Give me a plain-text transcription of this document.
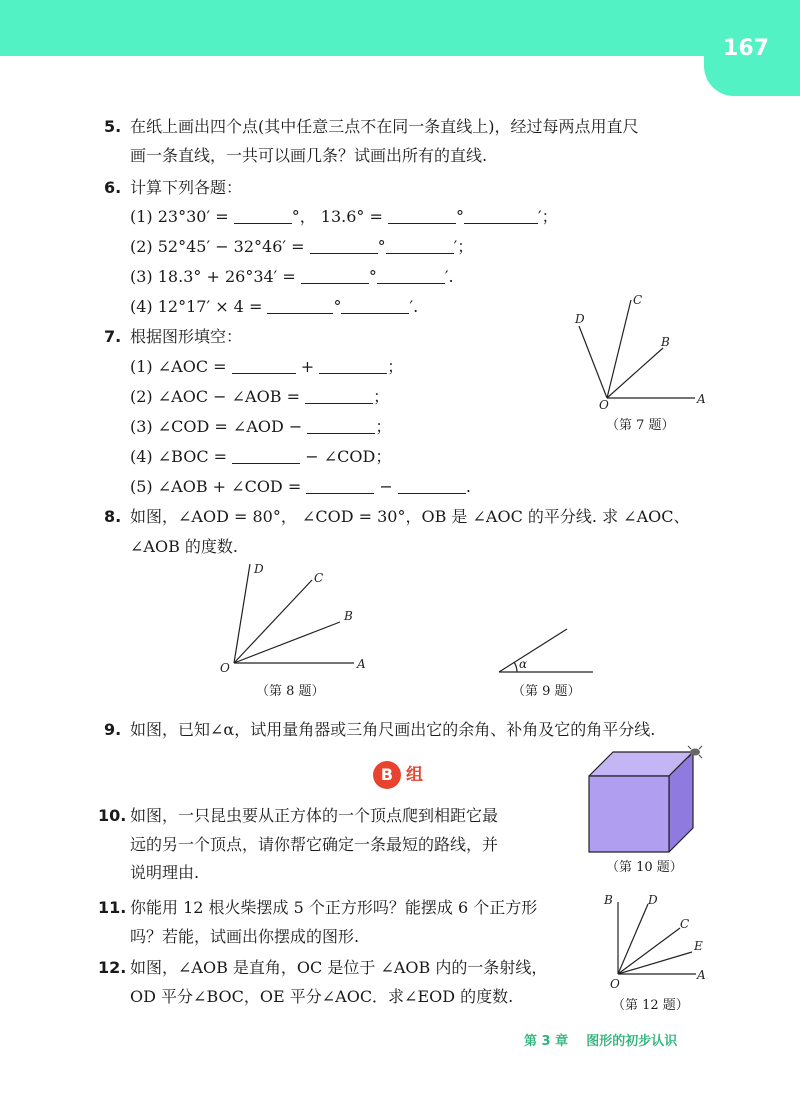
167
5. 在纸上画出四个点(其中任意三点不在同一条直线上)，经过每两点用直尺
画一条直线，一共可以画几条？试画出所有的直线.
6. 计算下列各题：
(1) 23°30′ =	°， 13.6° =	°	′；
(2) 52°45′ − 32°46′ =	°	′；
(3) 18.3° + 26°34′ =	°	′.
(4) 12°17′ × 4 =	°	′.
7. 根据图形填空：
(1) ∠AOC =	+	；
(2) ∠AOC − ∠AOB =	；
(3) ∠COD = ∠AOD −	；
(4) ∠BOC =	− ∠COD；
(5) ∠AOB + ∠COD =	−	.
D
C
B
O	A
（第 7 题）
8. 如图，∠AOD = 80°， ∠COD = 30°，OB 是 ∠AOC 的平分线. 求 ∠AOC、
∠AOB 的度数.
D
C
B
O	A
（第 8 题）
α
（第 9 题）
9. 如图，已知∠α，试用量角器或三角尺画出它的余角、补角及它的角平分线.
B 组
10. 如图，一只昆虫要从正方体的一个顶点爬到相距它最
远的另一个顶点，请你帮它确定一条最短的路线，并
说明理由.	（第 10 题）
11. 你能用 12 根火柴摆成 5 个正方形吗？能摆成 6 个正方形
吗？若能，试画出你摆成的图形.
12. 如图，∠AOB 是直角，OC 是位于 ∠AOB 内的一条射线，
OD 平分∠BOC，OE 平分∠AOC．求∠EOD 的度数.
B	D
C
E
O
A
（第 12 题）
第 3 章 图形的初步认识
